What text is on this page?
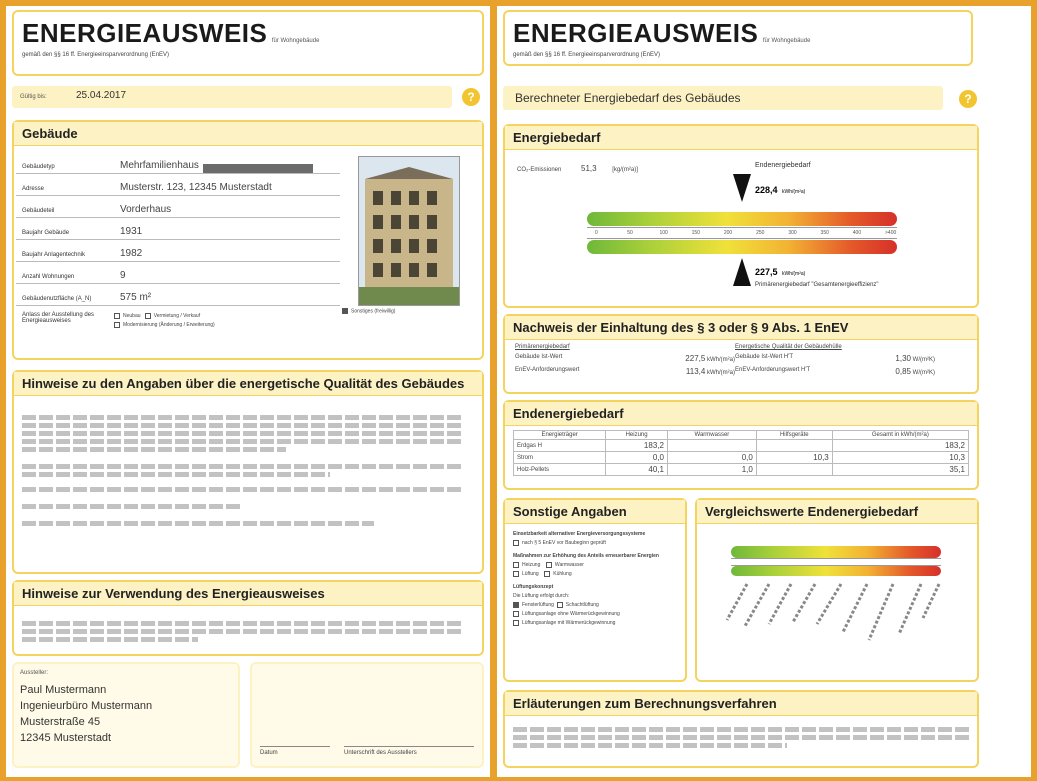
ENERGIEAUSWEIS für Wohngebäude
gemäß den §§ 16 ff. Energieeinsparverordnung (EnEV)
Gültig bis:	25.04.2017	?
Gebäude
Gebäudetyp	Mehrfamilienhaus
Adresse	Musterstr. 123, 12345 Musterstadt
Gebäudeteil	Vorderhaus
Baujahr Gebäude	1931
Baujahr Anlagentechnik	1982
Anzahl Wohnungen	9
Gebäudenutzfläche (A_N)	575 m²
Anlass der Ausstellung des Energieausweises
Neubau	Vermietung / Verkauf
Modernisierung (Änderung / Erweiterung)
Sonstiges (freiwillig)
Hinweise zu den Angaben über die energetische Qualität des Gebäudes

Hinweise zur Verwendung des Energieausweises

Aussteller:
Paul Mustermann
Ingenieurbüro Mustermann
Musterstraße 45
12345 Musterstadt
Datum	Unterschrift des Ausstellers
ENERGIEAUSWEIS für Wohngebäude
gemäß den §§ 16 ff. Energieeinsparverordnung (EnEV)
Berechneter Energiebedarf des Gebäudes	?
Energiebedarf
CO₂-Emissionen 51,3	[kg/(m²a)]
Endenergiebedarf
228,4 kWh/(m²a)
0	50	100	150	200	250	300	350	400	>400
227,5 kWh/(m²a)
Primärenergiebedarf "Gesamtenergieeffizienz"
Nachweis der Einhaltung des § 3 oder § 9 Abs. 1 EnEV
Primärenergiebedarf
Gebäude Ist-Wert	227,5 kWh/(m²a)
EnEV-Anforderungswert	113,4 kWh/(m²a)
Energetische Qualität der Gebäudehülle
Gebäude Ist-Wert H'T	1,30 W/(m²K)
EnEV-Anforderungswert H'T	0,85 W/(m²K)
Endenergiebedarf
Energieträger	Heizung	Warmwasser	Hilfsgeräte	Gesamt in kWh/(m²a)
Erdgas H	183,2			183,2
Strom	0,0	0,0	10,3	10,3
Holz-Pellets	40,1	1,0		35,1
Sonstige Angaben
Einsetzbarkeit alternativer Energieversorgungssysteme
nach § 5 EnEV vor Baubeginn geprüft
Maßnahmen zur Erhöhung des Anteils erneuerbarer Energien
Heizung	Warmwasser
Lüftung	Kühlung
Lüftungskonzept
Die Lüftung erfolgt durch:
Fensterlüftung Schachtlüftung
Lüftungsanlage ohne Wärmerückgewinnung
Lüftungsanlage mit Wärmerückgewinnung
Vergleichswerte Endenergiebedarf
Erläuterungen zum Berechnungsverfahren
